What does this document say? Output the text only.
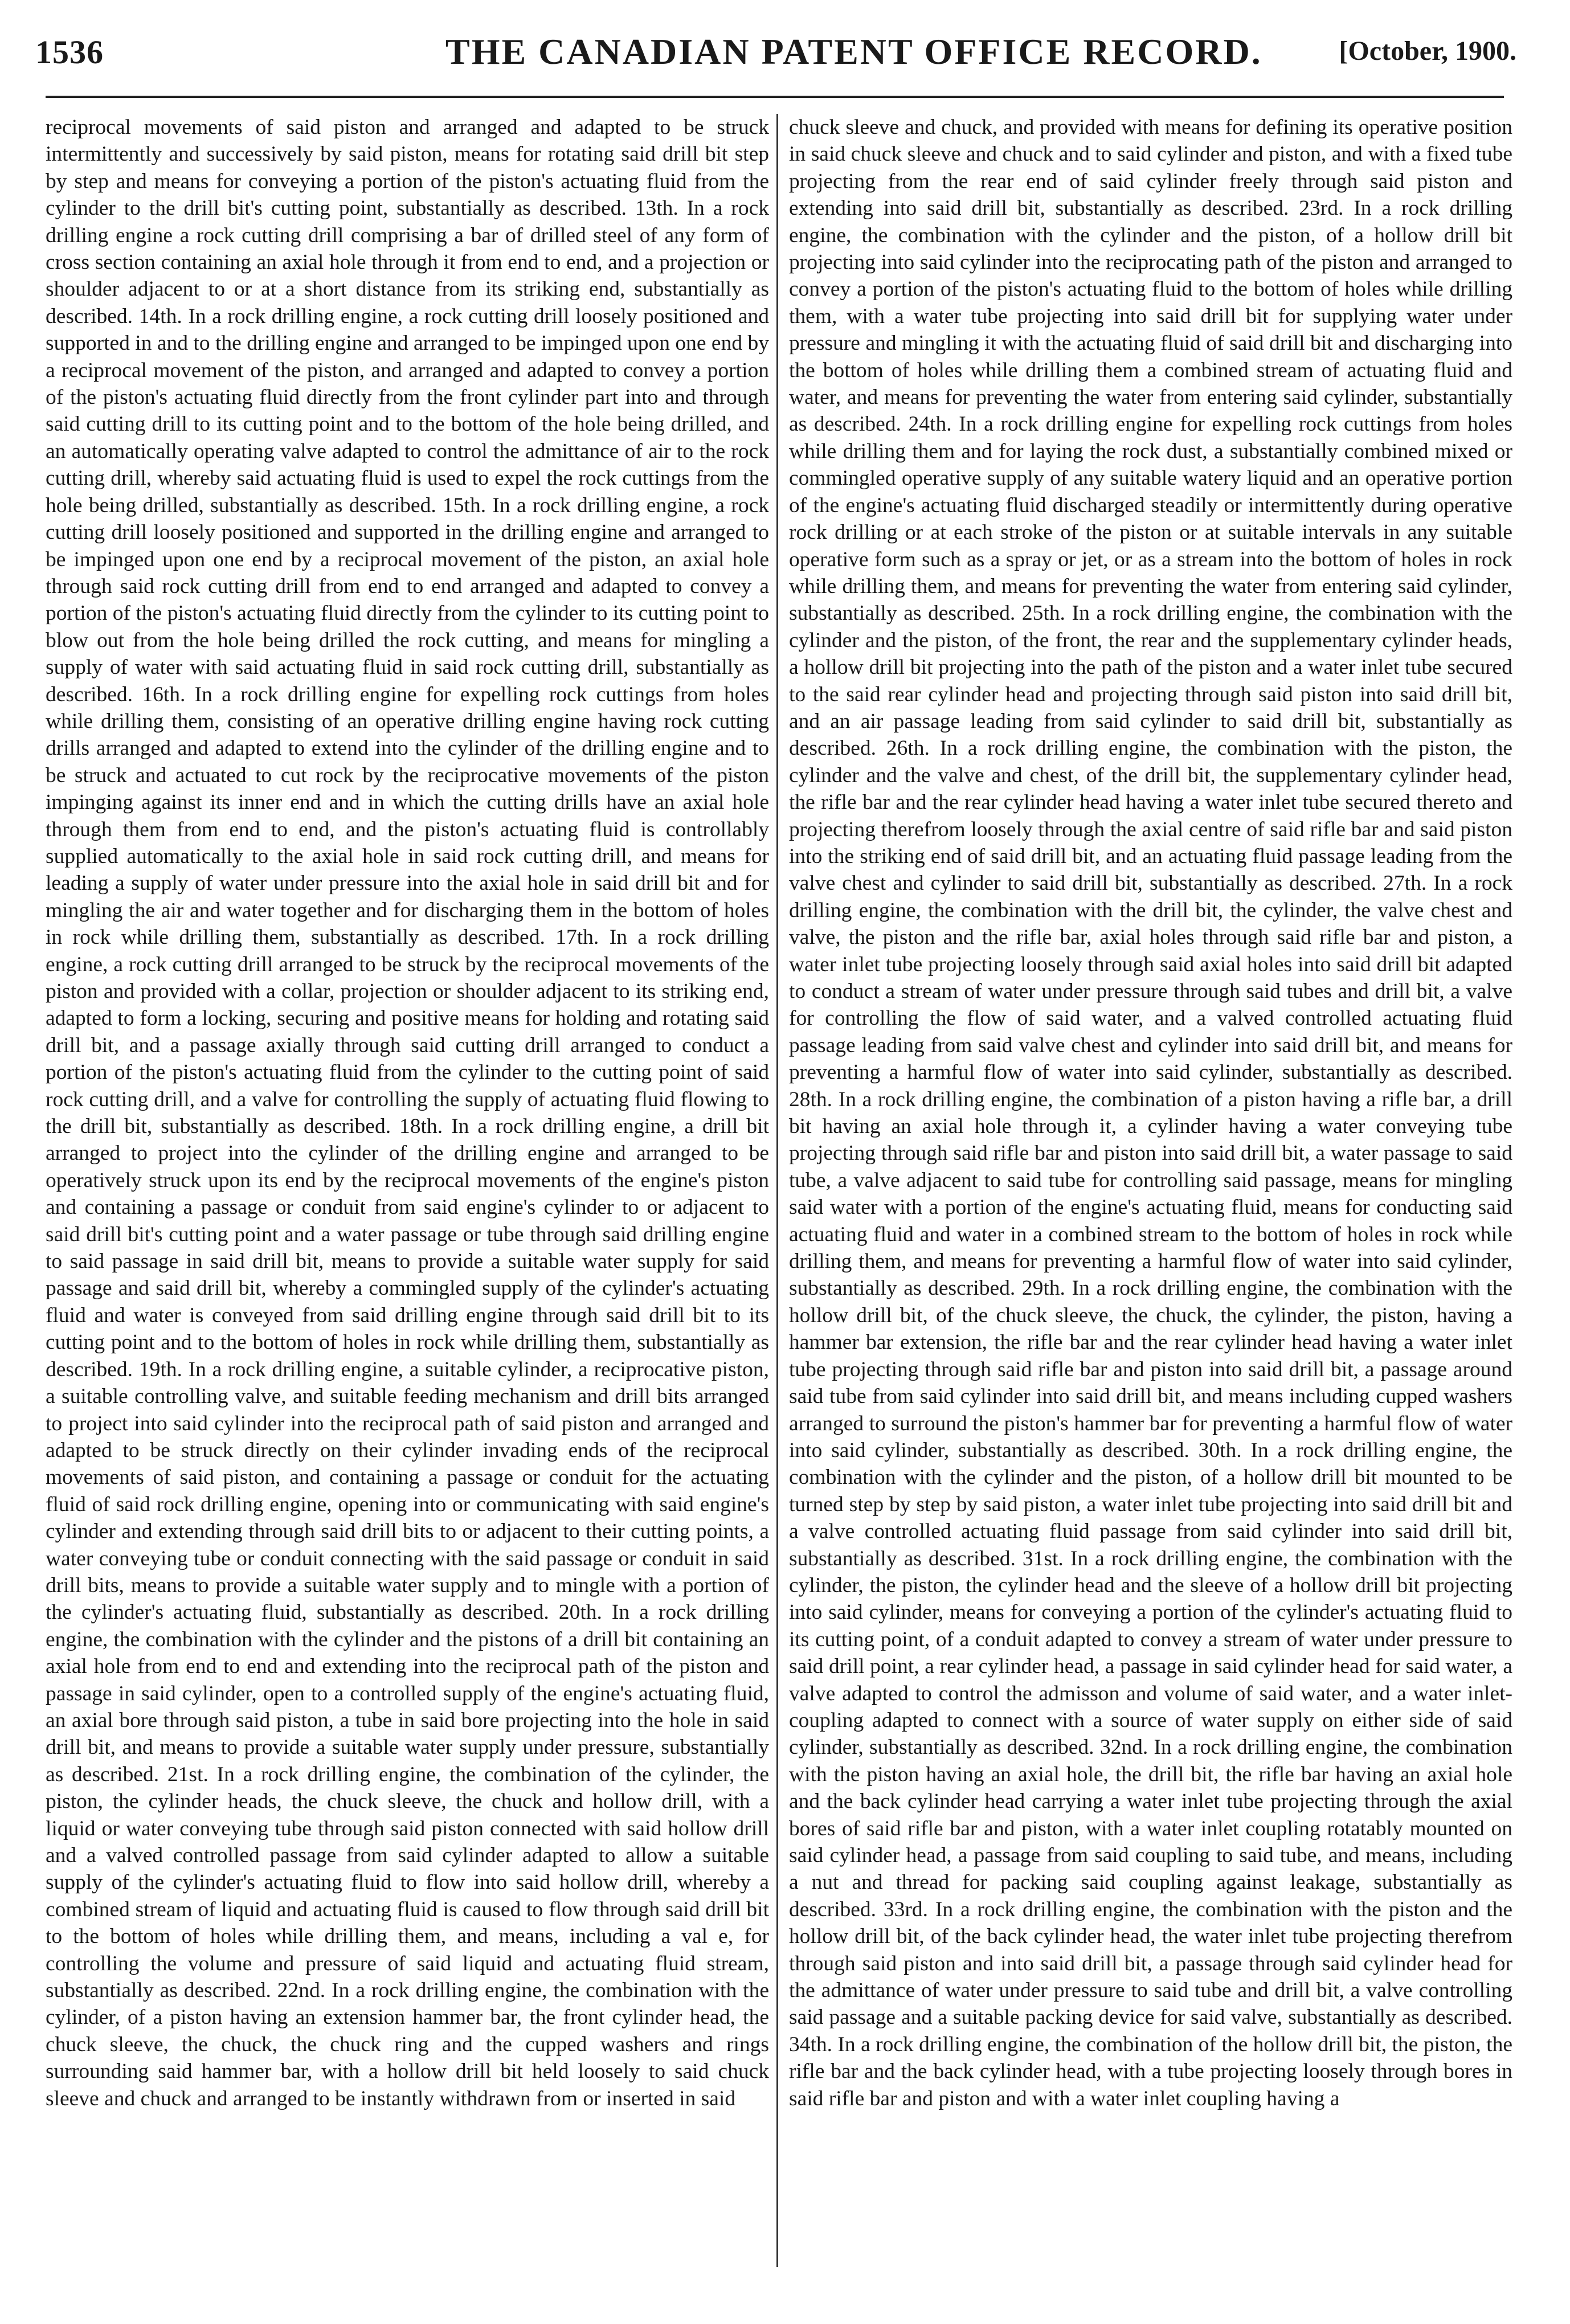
1536	THE CANADIAN PATENT OFFICE RECORD.	[October, 1900.

reciprocal movements of said piston and arranged and adapted to be struck intermittently and successively by said piston, means for rotating said drill bit step by step and means for conveying a portion of the piston's actuating fluid from the cylinder to the drill bit's cutting point, substantially as described. 13th. In a rock drilling engine a rock cutting drill comprising a bar of drilled steel of any form of cross section containing an axial hole through it from end to end, and a projection or shoulder adjacent to or at a short distance from its striking end, substantially as described. 14th. In a rock drilling engine, a rock cutting drill loosely positioned and supported in and to the drilling engine and arranged to be impinged upon one end by a reciprocal movement of the piston, and arranged and adapted to convey a portion of the piston's actuating fluid directly from the front cylinder part into and through said cutting drill to its cutting point and to the bottom of the hole being drilled, and an automatically operating valve adapted to control the admittance of air to the rock cutting drill, whereby said actuating fluid is used to expel the rock cuttings from the hole being drilled, substantially as described. 15th. In a rock drilling engine, a rock cutting drill loosely positioned and supported in the drilling engine and arranged to be impinged upon one end by a reciprocal movement of the piston, an axial hole through said rock cutting drill from end to end arranged and adapted to convey a portion of the piston's actuating fluid directly from the cylinder to its cutting point to blow out from the hole being drilled the rock cutting, and means for mingling a supply of water with said actuating fluid in said rock cutting drill, substantially as described. 16th. In a rock drilling engine for expelling rock cuttings from holes while drilling them, consisting of an operative drilling engine having rock cutting drills arranged and adapted to extend into the cylinder of the drilling engine and to be struck and actuated to cut rock by the reciprocative movements of the piston impinging against its inner end and in which the cutting drills have an axial hole through them from end to end, and the piston's actuating fluid is controllably supplied automatically to the axial hole in said rock cutting drill, and means for leading a supply of water under pressure into the axial hole in said drill bit and for mingling the air and water together and for discharging them in the bottom of holes in rock while drilling them, substantially as described. 17th. In a rock drilling engine, a rock cutting drill arranged to be struck by the reciprocal movements of the piston and provided with a collar, projection or shoulder adjacent to its striking end, adapted to form a locking, securing and positive means for holding and rotating said drill bit, and a passage axially through said cutting drill arranged to conduct a portion of the piston's actuating fluid from the cylinder to the cutting point of said rock cutting drill, and a valve for controlling the supply of actuating fluid flowing to the drill bit, substantially as described. 18th. In a rock drilling engine, a drill bit arranged to project into the cylinder of the drilling engine and arranged to be operatively struck upon its end by the reciprocal movements of the engine's piston and containing a passage or conduit from said engine's cylinder to or adjacent to said drill bit's cutting point and a water passage or tube through said drilling engine to said passage in said drill bit, means to provide a suitable water supply for said passage and said drill bit, whereby a commingled supply of the cylinder's actuating fluid and water is conveyed from said drilling engine through said drill bit to its cutting point and to the bottom of holes in rock while drilling them, substantially as described. 19th. In a rock drilling engine, a suitable cylinder, a reciprocative piston, a suitable controlling valve, and suitable feeding mechanism and drill bits arranged to project into said cylinder into the reciprocal path of said piston and arranged and adapted to be struck directly on their cylinder invading ends of the reciprocal movements of said piston, and containing a passage or conduit for the actuating fluid of said rock drilling engine, opening into or communicating with said engine's cylinder and extending through said drill bits to or adjacent to their cutting points, a water conveying tube or conduit connecting with the said passage or conduit in said drill bits, means to provide a suitable water supply and to mingle with a portion of the cylinder's actuating fluid, substantially as described. 20th. In a rock drilling engine, the combination with the cylinder and the pistons of a drill bit containing an axial hole from end to end and extending into the reciprocal path of the piston and passage in said cylinder, open to a controlled supply of the engine's actuating fluid, an axial bore through said piston, a tube in said bore projecting into the hole in said drill bit, and means to provide a suitable water supply under pressure, substantially as described. 21st. In a rock drilling engine, the combination of the cylinder, the piston, the cylinder heads, the chuck sleeve, the chuck and hollow drill, with a liquid or water conveying tube through said piston connected with said hollow drill and a valved controlled passage from said cylinder adapted to allow a suitable supply of the cylinder's actuating fluid to flow into said hollow drill, whereby a combined stream of liquid and actuating fluid is caused to flow through said drill bit to the bottom of holes while drilling them, and means, including a val e, for controlling the volume and pressure of said liquid and actuating fluid stream, substantially as described. 22nd. In a rock drilling engine, the combination with the cylinder, of a piston having an extension hammer bar, the front cylinder head, the chuck sleeve, the chuck, the chuck ring and the cupped washers and rings surrounding said hammer bar, with a hollow drill bit held loosely to said chuck sleeve and chuck and arranged to be instantly withdrawn from or inserted in said

chuck sleeve and chuck, and provided with means for defining its operative position in said chuck sleeve and chuck and to said cylinder and piston, and with a fixed tube projecting from the rear end of said cylinder freely through said piston and extending into said drill bit, substantially as described. 23rd. In a rock drilling engine, the combination with the cylinder and the piston, of a hollow drill bit projecting into said cylinder into the reciprocating path of the piston and arranged to convey a portion of the piston's actuating fluid to the bottom of holes while drilling them, with a water tube projecting into said drill bit for supplying water under pressure and mingling it with the actuating fluid of said drill bit and discharging into the bottom of holes while drilling them a combined stream of actuating fluid and water, and means for preventing the water from entering said cylinder, substantially as described. 24th. In a rock drilling engine for expelling rock cuttings from holes while drilling them and for laying the rock dust, a substantially combined mixed or commingled operative supply of any suitable watery liquid and an operative portion of the engine's actuating fluid discharged steadily or intermittently during operative rock drilling or at each stroke of the piston or at suitable intervals in any suitable operative form such as a spray or jet, or as a stream into the bottom of holes in rock while drilling them, and means for preventing the water from entering said cylinder, substantially as described. 25th. In a rock drilling engine, the combination with the cylinder and the piston, of the front, the rear and the supplementary cylinder heads, a hollow drill bit projecting into the path of the piston and a water inlet tube secured to the said rear cylinder head and projecting through said piston into said drill bit, and an air passage leading from said cylinder to said drill bit, substantially as described. 26th. In a rock drilling engine, the combination with the piston, the cylinder and the valve and chest, of the drill bit, the supplementary cylinder head, the rifle bar and the rear cylinder head having a water inlet tube secured thereto and projecting therefrom loosely through the axial centre of said rifle bar and said piston into the striking end of said drill bit, and an actuating fluid passage leading from the valve chest and cylinder to said drill bit, substantially as described. 27th. In a rock drilling engine, the combination with the drill bit, the cylinder, the valve chest and valve, the piston and the rifle bar, axial holes through said rifle bar and piston, a water inlet tube projecting loosely through said axial holes into said drill bit adapted to conduct a stream of water under pressure through said tubes and drill bit, a valve for controlling the flow of said water, and a valved controlled actuating fluid passage leading from said valve chest and cylinder into said drill bit, and means for preventing a harmful flow of water into said cylinder, substantially as described. 28th. In a rock drilling engine, the combination of a piston having a rifle bar, a drill bit having an axial hole through it, a cylinder having a water conveying tube projecting through said rifle bar and piston into said drill bit, a water passage to said tube, a valve adjacent to said tube for controlling said passage, means for mingling said water with a portion of the engine's actuating fluid, means for conducting said actuating fluid and water in a combined stream to the bottom of holes in rock while drilling them, and means for preventing a harmful flow of water into said cylinder, substantially as described. 29th. In a rock drilling engine, the combination with the hollow drill bit, of the chuck sleeve, the chuck, the cylinder, the piston, having a hammer bar extension, the rifle bar and the rear cylinder head having a water inlet tube projecting through said rifle bar and piston into said drill bit, a passage around said tube from said cylinder into said drill bit, and means including cupped washers arranged to surround the piston's hammer bar for preventing a harmful flow of water into said cylinder, substantially as described. 30th. In a rock drilling engine, the combination with the cylinder and the piston, of a hollow drill bit mounted to be turned step by step by said piston, a water inlet tube projecting into said drill bit and a valve controlled actuating fluid passage from said cylinder into said drill bit, substantially as described. 31st. In a rock drilling engine, the combination with the cylinder, the piston, the cylinder head and the sleeve of a hollow drill bit projecting into said cylinder, means for conveying a portion of the cylinder's actuating fluid to its cutting point, of a conduit adapted to convey a stream of water under pressure to said drill point, a rear cylinder head, a passage in said cylinder head for said water, a valve adapted to control the admisson and volume of said water, and a water inlet-coupling adapted to connect with a source of water supply on either side of said cylinder, substantially as described. 32nd. In a rock drilling engine, the combination with the piston having an axial hole, the drill bit, the rifle bar having an axial hole and the back cylinder head carrying a water inlet tube projecting through the axial bores of said rifle bar and piston, with a water inlet coupling rotatably mounted on said cylinder head, a passage from said coupling to said tube, and means, including a nut and thread for packing said coupling against leakage, substantially as described. 33rd. In a rock drilling engine, the combination with the piston and the hollow drill bit, of the back cylinder head, the water inlet tube projecting therefrom through said piston and into said drill bit, a passage through said cylinder head for the admittance of water under pressure to said tube and drill bit, a valve controlling said passage and a suitable packing device for said valve, substantially as described. 34th. In a rock drilling engine, the combination of the hollow drill bit, the piston, the rifle bar and the back cylinder head, with a tube projecting loosely through bores in said rifle bar and piston and with a water inlet coupling having a
